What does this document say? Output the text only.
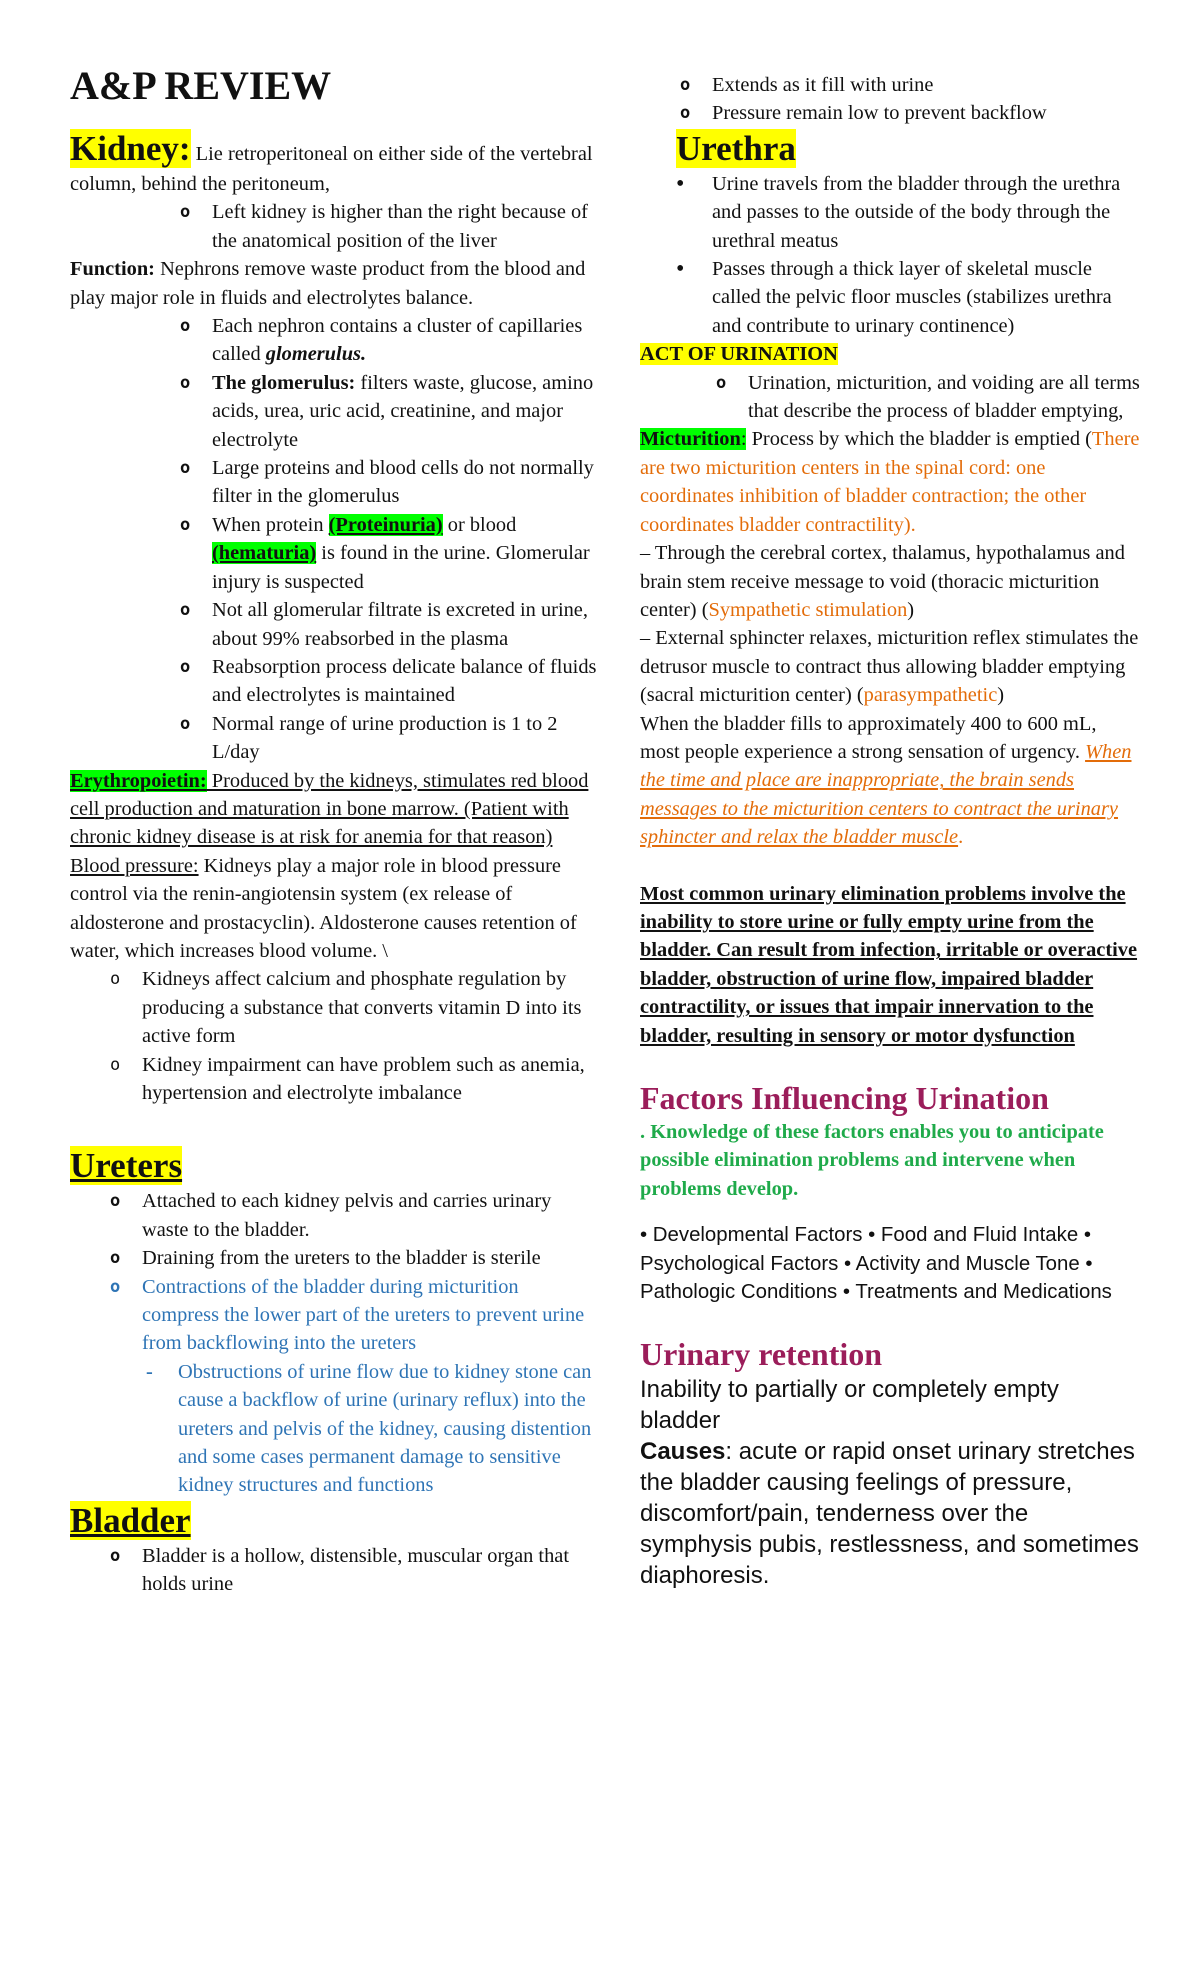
A&P REVIEW

Kidney: Lie retroperitoneal on either side of the vertebral column, behind the peritoneum,

o Left kidney is higher than the right because of the anatomical position of the liver

Function: Nephrons remove waste product from the blood and play major role in fluids and electrolytes balance.

o Each nephron contains a cluster of capillaries called glomerulus.
o The glomerulus: filters waste, glucose, amino acids, urea, uric acid, creatinine, and major electrolyte
o Large proteins and blood cells do not normally filter in the glomerulus
o When protein (Proteinuria) or blood (hematuria) is found in the urine. Glomerular injury is suspected
o Not all glomerular filtrate is excreted in urine, about 99% reabsorbed in the plasma
o Reabsorption process delicate balance of fluids and electrolytes is maintained
o Normal range of urine production is 1 to 2 L/day

Erythropoietin: Produced by the kidneys, stimulates red blood cell production and maturation in bone marrow. (Patient with chronic kidney disease is at risk for anemia for that reason)

Blood pressure: Kidneys play a major role in blood pressure control via the renin-angiotensin system (ex release of aldosterone and prostacyclin). Aldosterone causes retention of water, which increases blood volume. \

o Kidneys affect calcium and phosphate regulation by producing a substance that converts vitamin D into its active form
o Kidney impairment can have problem such as anemia, hypertension and electrolyte imbalance

Ureters

o Attached to each kidney pelvis and carries urinary waste to the bladder.
o Draining from the ureters to the bladder is sterile
o Contractions of the bladder during micturition compress the lower part of the ureters to prevent urine from backflowing into the ureters
- Obstructions of urine flow due to kidney stone can cause a backflow of urine (urinary reflux) into the ureters and pelvis of the kidney, causing distention and some cases permanent damage to sensitive kidney structures and functions

Bladder

o Bladder is a hollow, distensible, muscular organ that holds urine
o Extends as it fill with urine
o Pressure remain low to prevent backflow

Urethra

• Urine travels from the bladder through the urethra and passes to the outside of the body through the urethral meatus
• Passes through a thick layer of skeletal muscle called the pelvic floor muscles (stabilizes urethra and contribute to urinary continence)

ACT OF URINATION

o Urination, micturition, and voiding are all terms that describe the process of bladder emptying,

Micturition: Process by which the bladder is emptied (There are two micturition centers in the spinal cord: one coordinates inhibition of bladder contraction; the other coordinates bladder contractility).

– Through the cerebral cortex, thalamus, hypothalamus and brain stem receive message to void (thoracic micturition center) (Sympathetic stimulation)

– External sphincter relaxes, micturition reflex stimulates the detrusor muscle to contract thus allowing bladder emptying (sacral micturition center) (parasympathetic)

When the bladder fills to approximately 400 to 600 mL, most people experience a strong sensation of urgency. When the time and place are inappropriate, the brain sends messages to the micturition centers to contract the urinary sphincter and relax the bladder muscle.

Most common urinary elimination problems involve the inability to store urine or fully empty urine from the bladder. Can result from infection, irritable or overactive bladder, obstruction of urine flow, impaired bladder contractility, or issues that impair innervation to the bladder, resulting in sensory or motor dysfunction

Factors Influencing Urination

. Knowledge of these factors enables you to anticipate possible elimination problems and intervene when problems develop.

• Developmental Factors • Food and Fluid Intake • Psychological Factors • Activity and Muscle Tone • Pathologic Conditions • Treatments and Medications

Urinary retention

Inability to partially or completely empty bladder

Causes: acute or rapid onset urinary stretches the bladder causing feelings of pressure, discomfort/pain, tenderness over the symphysis pubis, restlessness, and sometimes diaphoresis.
